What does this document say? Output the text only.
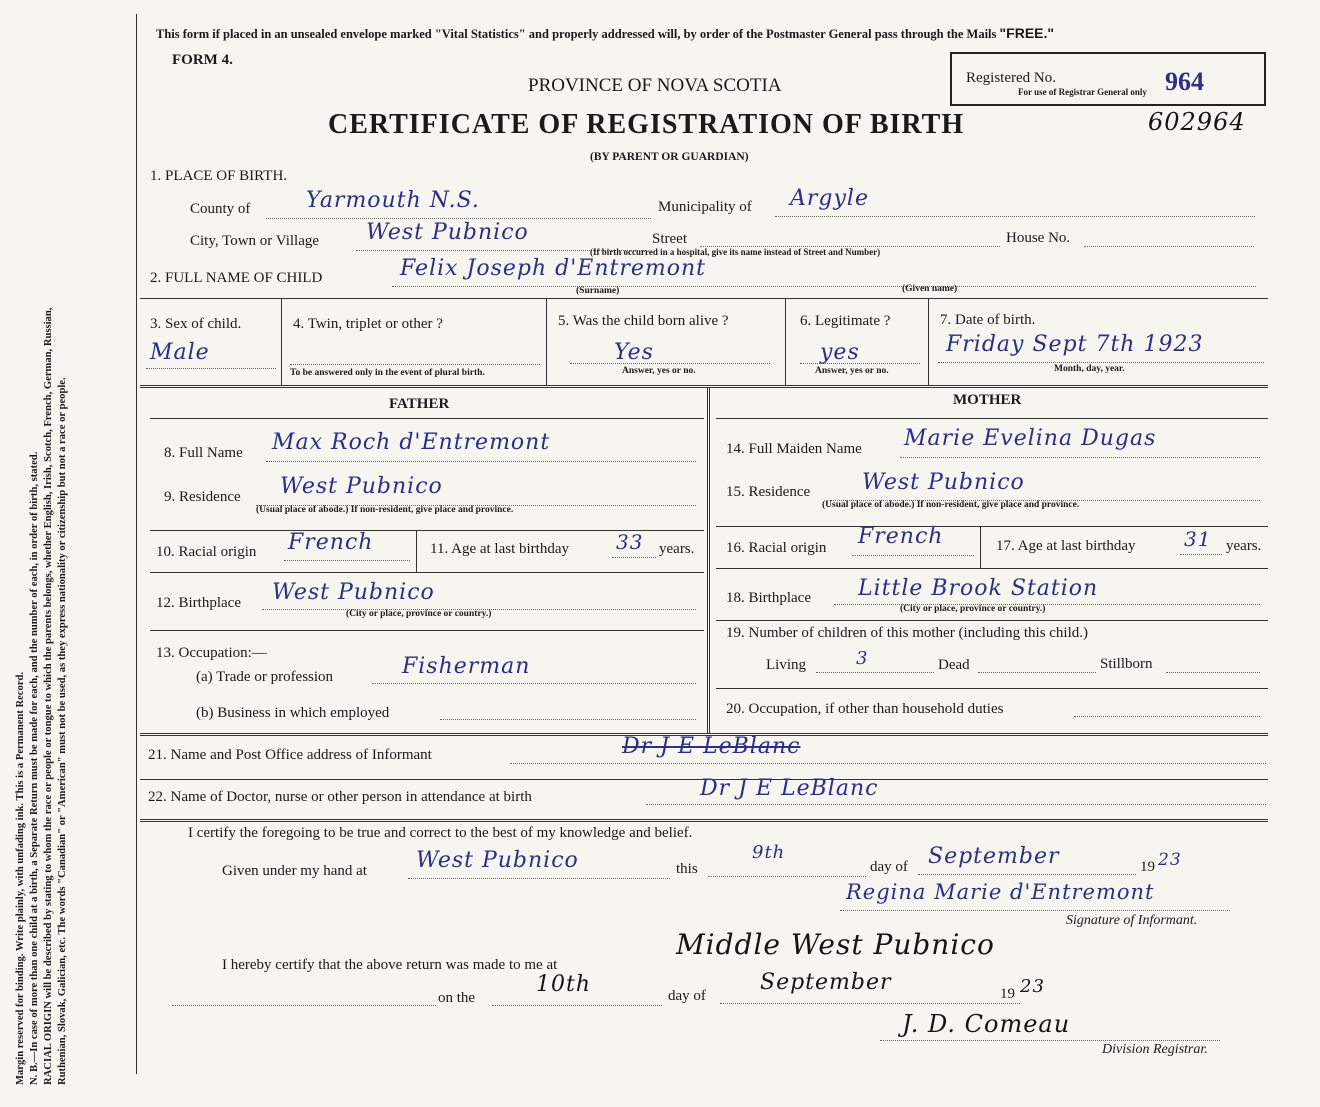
Margin reserved for binding. Write plainly, with unfading ink. This is a Permanent Record. N. B.—In case of more than one child at a birth, a Separate Return must be made for each, and the number of each, in order of birth, stated. RACIAL ORIGIN will be described by stating to whom the race or people or tongue to which the parents belongs, whether English, Irish, Scotch, French, German, Russian, Ruthenian, Slovak, Galician, etc. The words "Canadian" or "American" must not be used, as they express nationality or citizenship but not a race or people.
This form if placed in an unsealed envelope marked "Vital Statistics" and properly addressed will, by order of the Postmaster General pass through the Mails "FREE."
FORM 4.
PROVINCE OF NOVA SCOTIA
CERTIFICATE OF REGISTRATION OF BIRTH
(BY PARENT OR GUARDIAN)
Registered No.
For use of Registrar General only 964
602964
1. PLACE OF BIRTH.
County of	Yarmouth N.S.	Municipality of Argyle
City, Town or Village West Pubnico	Street
(If birth occurred in a hospital, give its name instead of Street and Number)
House No.
2. FULL NAME OF CHILD	Felix Joseph d'Entremont
(Surname)	(Given name)
3. Sex of child.
Male
4. Twin, triplet or other ?
To be answered only in the event of plural birth.
5. Was the child born alive ?
Yes
Answer, yes or no.
6. Legitimate ?
yes
Answer, yes or no.
7. Date of birth.
Friday Sept 7th 1923
Month, day, year.
FATHER	MOTHER
8. Full Name Max Roch d'Entremont
9. Residence West Pubnico
(Usual place of abode.) If non-resident, give place and province.
10. Racial origin French	11. Age at last birthday 33 years.
12. Birthplace West Pubnico
(City or place, province or country.)
13. Occupation:—
(a) Trade or profession	Fisherman
(b) Business in which employed
14. Full Maiden Name Marie Evelina Dugas
15. Residence West Pubnico
(Usual place of abode.) If non-resident, give place and province.
16. Racial origin French	17. Age at last birthday 31 years.
18. Birthplace Little Brook Station
(City or place, province or country.)
19. Number of children of this mother (including this child.)
Living	3	Dead	Stillborn
20. Occupation, if other than household duties
21. Name and Post Office address of Informant	Dr J E LeBlanc
22. Name of Doctor, nurse or other person in attendance at birth	Dr J E LeBlanc
I certify the foregoing to be true and correct to the best of my knowledge and belief.
Given under my hand at West Pubnico	this
9th
day of September	19 23
Regina Marie d'Entremont
Signature of Informant.
I hereby certify that the above return was made to me at
Middle West Pubnico
on the
10th	day of
September	19 23
J. D. Comeau
Division Registrar.
